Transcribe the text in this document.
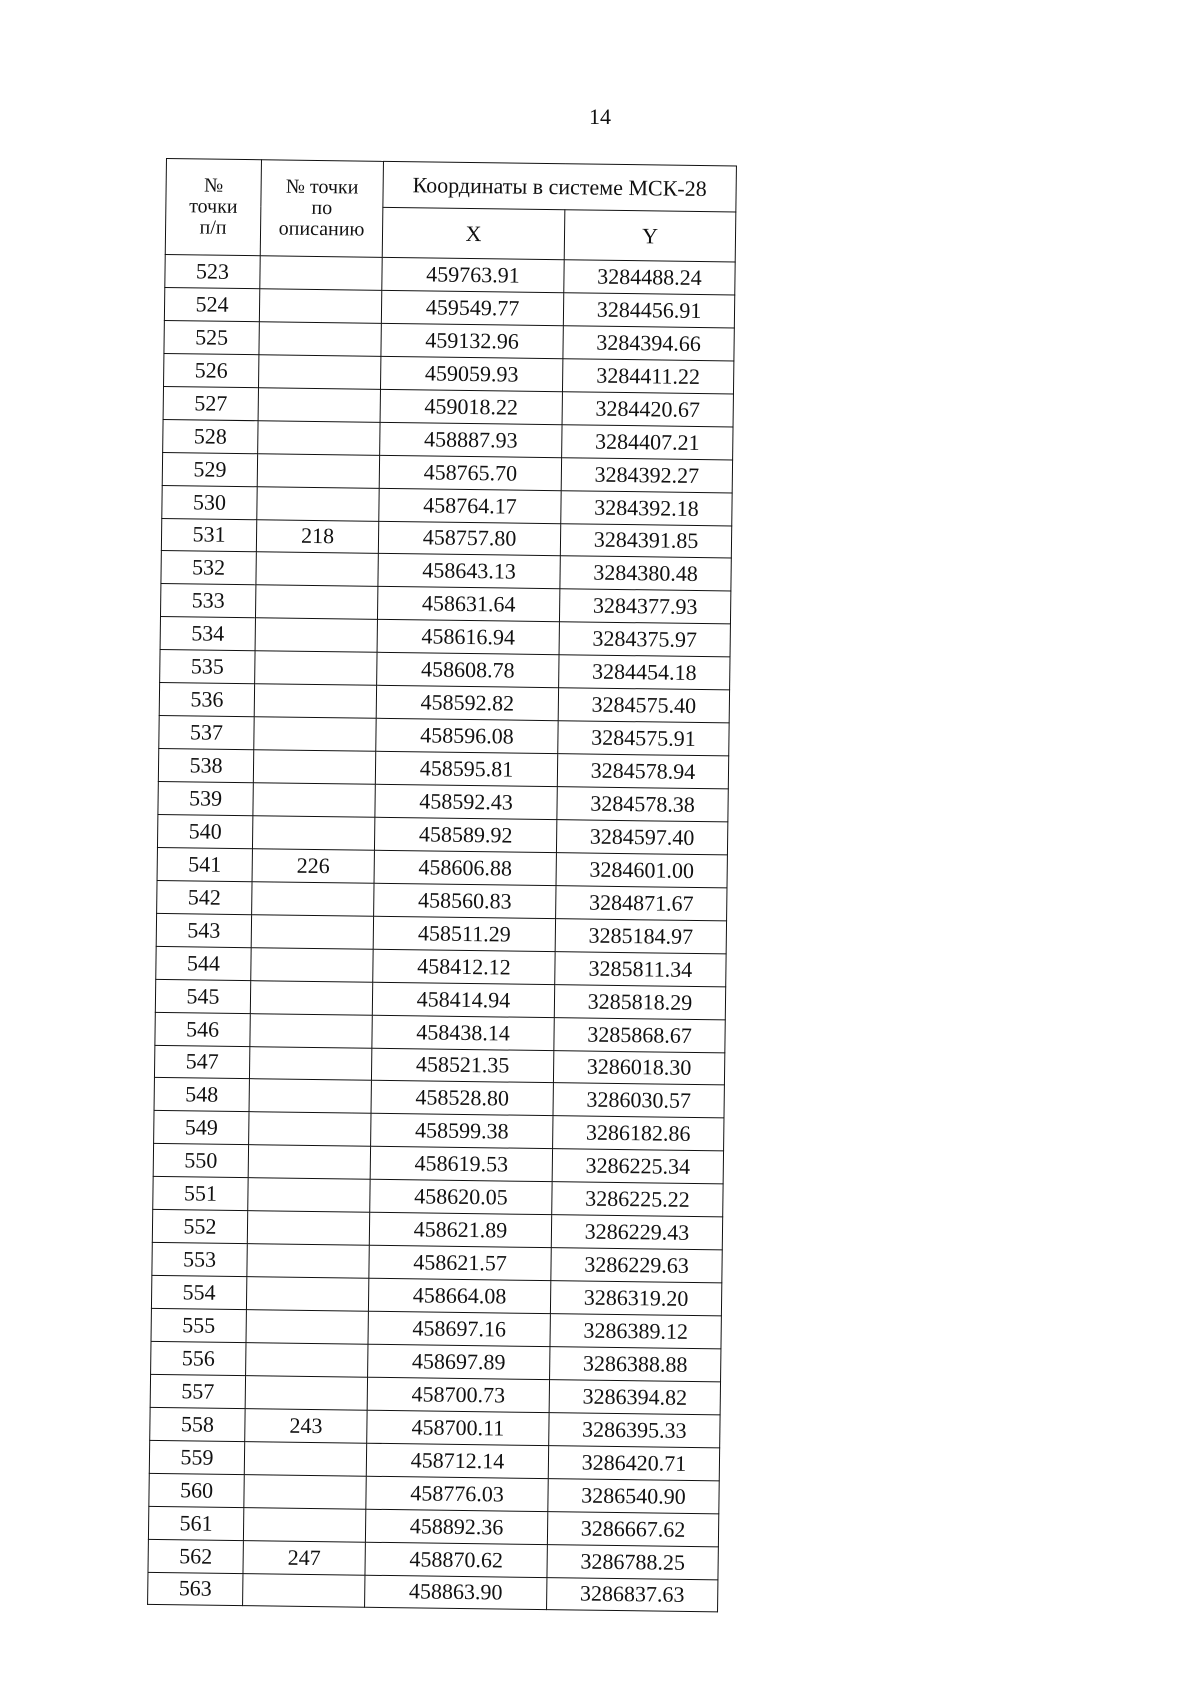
14
№
точки
п/п	№ точки
по
описанию	Координаты в системе МСК-28	
		X	Y
523		459763.91	3284488.24
524		459549.77	3284456.91
525		459132.96	3284394.66
526		459059.93	3284411.22
527		459018.22	3284420.67
528		458887.93	3284407.21
529		458765.70	3284392.27
530		458764.17	3284392.18
531	218	458757.80	3284391.85
532		458643.13	3284380.48
533		458631.64	3284377.93
534		458616.94	3284375.97
535		458608.78	3284454.18
536		458592.82	3284575.40
537		458596.08	3284575.91
538		458595.81	3284578.94
539		458592.43	3284578.38
540		458589.92	3284597.40
541	226	458606.88	3284601.00
542		458560.83	3284871.67
543		458511.29	3285184.97
544		458412.12	3285811.34
545		458414.94	3285818.29
546		458438.14	3285868.67
547		458521.35	3286018.30
548		458528.80	3286030.57
549		458599.38	3286182.86
550		458619.53	3286225.34
551		458620.05	3286225.22
552		458621.89	3286229.43
553		458621.57	3286229.63
554		458664.08	3286319.20
555		458697.16	3286389.12
556		458697.89	3286388.88
557		458700.73	3286394.82
558	243	458700.11	3286395.33
559		458712.14	3286420.71
560		458776.03	3286540.90
561		458892.36	3286667.62
562	247	458870.62	3286788.25
563		458863.90	3286837.63
